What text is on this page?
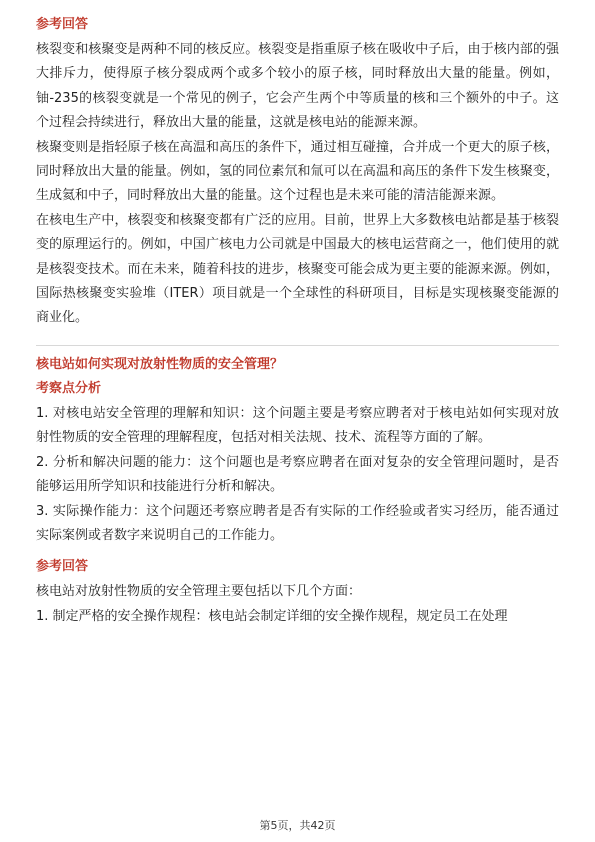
参考回答

核裂变和核聚变是两种不同的核反应。核裂变是指重原子核在吸收中子后，由于核内部的强大排斥力，使得原子核分裂成两个或多个较小的原子核，同时释放出大量的能量。例如，铀-235的核裂变就是一个常见的例子，它会产生两个中等质量的核和三个额外的中子。这个过程会持续进行，释放出大量的能量，这就是核电站的能源来源。

核聚变则是指轻原子核在高温和高压的条件下，通过相互碰撞，合并成一个更大的原子核，同时释放出大量的能量。例如，氢的同位素氘和氚可以在高温和高压的条件下发生核聚变，生成氦和中子，同时释放出大量的能量。这个过程也是未来可能的清洁能源来源。

在核电生产中，核裂变和核聚变都有广泛的应用。目前，世界上大多数核电站都是基于核裂变的原理运行的。例如，中国广核电力公司就是中国最大的核电运营商之一，他们使用的就是核裂变技术。而在未来，随着科技的进步，核聚变可能会成为更主要的能源来源。例如，国际热核聚变实验堆（ITER）项目就是一个全球性的科研项目，目标是实现核聚变能源的商业化。

核电站如何实现对放射性物质的安全管理？
考察点分析

1. 对核电站安全管理的理解和知识：这个问题主要是考察应聘者对于核电站如何实现对放射性物质的安全管理的理解程度，包括对相关法规、技术、流程等方面的了解。

2. 分析和解决问题的能力：这个问题也是考察应聘者在面对复杂的安全管理问题时，是否能够运用所学知识和技能进行分析和解决。

3. 实际操作能力：这个问题还考察应聘者是否有实际的工作经验或者实习经历，能否通过实际案例或者数字来说明自己的工作能力。

参考回答

核电站对放射性物质的安全管理主要包括以下几个方面：

1. 制定严格的安全操作规程：核电站会制定详细的安全操作规程，规定员工在处理

第5页，共42页
